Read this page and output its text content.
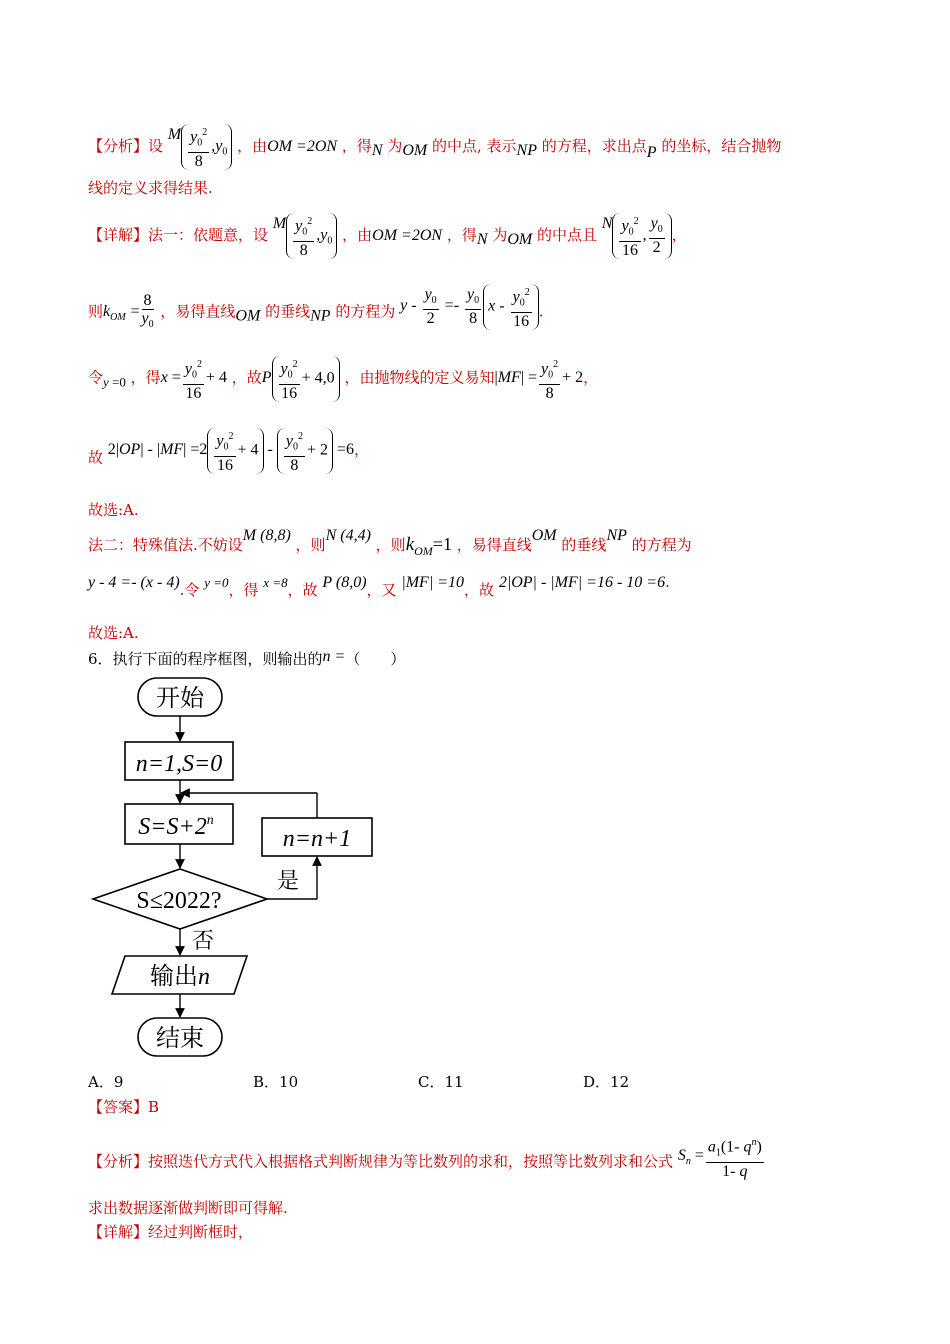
【分析】设 M $\frac{y_0^2}{8} ,y_0$ ，由OM =2ON ，得N 为OM 的中点, 表示NP 的方程，求出点P 的坐标，结合抛物
线的定义求得结果.
【详解】法一：依题意，设 M $\frac{y_0^2}{8} ,y_0$ ，由OM =2ON ，得N 为OM 的中点且 N $\frac{y_0^2}{16}$ , $\frac{y_0}{2}$ ，
则$k_{OM} = \frac{8}{y_0}$ ，易得直线OM 的垂线NP 的方程为 $y - \frac{y_0}{2} =- \frac{y_0}{8}$ x - $\frac{y_0^2}{16}$ .
令y =0 ，得$x = \frac{y_0^2}{16} + 4$ ，故P $\frac{y_0^2}{16} + 4,0$ ，由抛物线的定义易知$|MF| = \frac{y_0^2}{8} + 2$，
故 $2|OP| - |MF| =2 \frac{y_0^2}{16} + 4 - \frac{y_0^2}{8} + 2 =6$，
故选:A.
法二：特殊值法.不妨设M (8,8) ，则N (4,4) ，则$k_{OM}=1$ ，易得直线OM 的垂线NP 的方程为
y - 4 =- (x - 4).令 y =0，得 x =8，故 P (8,0)，又 |MF| =10，故 2|OP| - |MF| =16 - 10 =6.
故选:A.
6．执行下面的程序框图，则输出的n =（　　）
开始
n=1,S=0
$S=S+2^n$
S≤2022?
是
n=n+1
否
输出n
结束
A．9	B．10	C．11	D．12
【答案】B
【分析】按照迭代方式代入根据格式判断规律为等比数列的求和，按照等比数列求和公式 $S_n = \frac{a_1(1- q^n)}{1- q}$
求出数据逐渐做判断即可得解.
【详解】经过判断框时，
